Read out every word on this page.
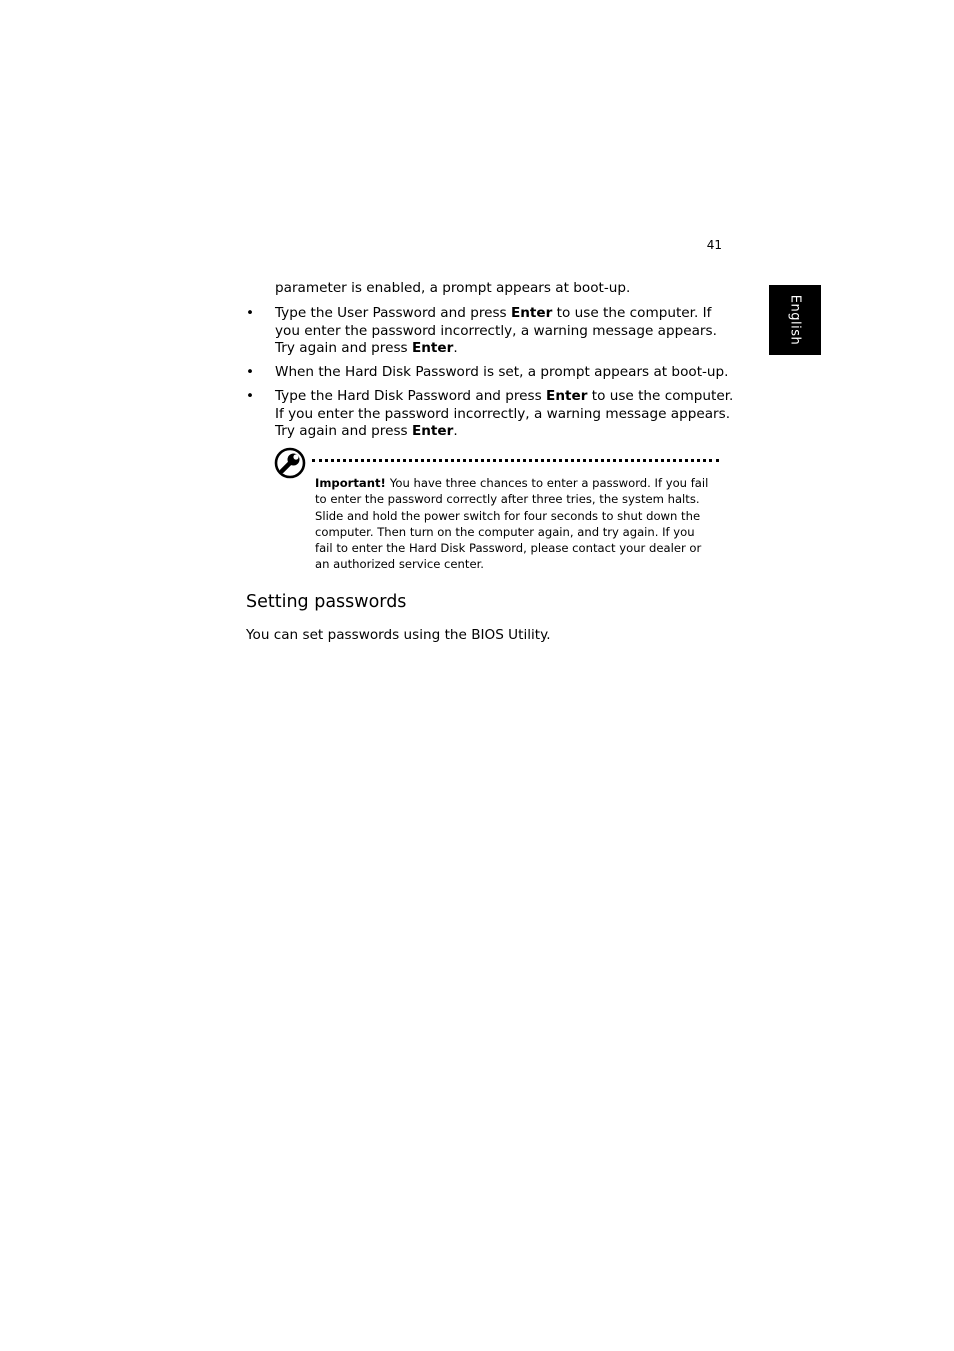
41
English

parameter is enabled, a prompt appears at boot-up.

• Type the User Password and press Enter to use the computer. If you enter the password incorrectly, a warning message appears. Try again and press Enter.
• When the Hard Disk Password is set, a prompt appears at boot-up.
• Type the Hard Disk Password and press Enter to use the computer. If you enter the password incorrectly, a warning message appears. Try again and press Enter.

Important! You have three chances to enter a password. If you fail to enter the password correctly after three tries, the system halts. Slide and hold the power switch for four seconds to shut down the computer. Then turn on the computer again, and try again. If you fail to enter the Hard Disk Password, please contact your dealer or an authorized service center.

Setting passwords

You can set passwords using the BIOS Utility.
